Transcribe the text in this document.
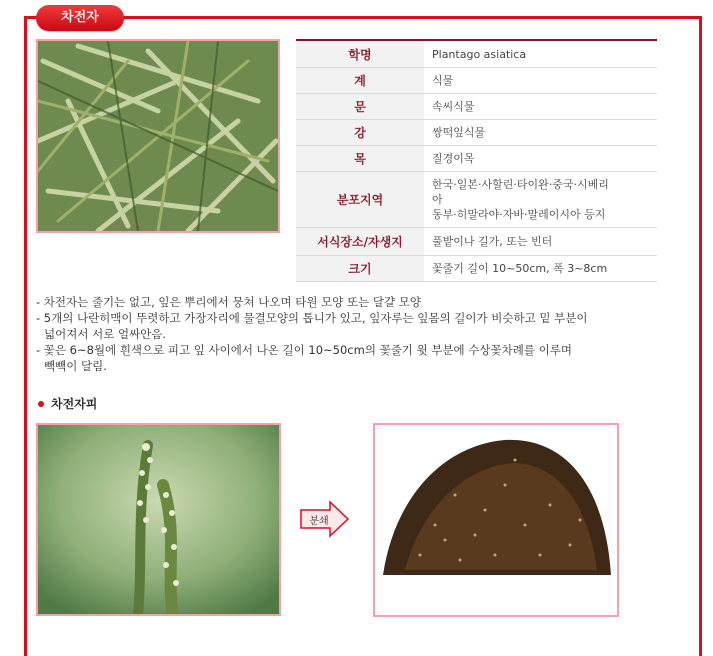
차전자
학명	Plantago asiatica
계	식물
문	속씨식물
강	쌍떡잎식물
목	질경이목
분포지역
한국·일본·사할린·타이완·중국·시베리
아
동부·히말라야·자바·말레이시아 등지
서식장소/자생지	풀밭이나 길가, 또는 빈터
크기	꽃줄기 길이 10~50cm, 폭 3~8cm

- 차전자는 줄기는 없고, 잎은 뿌리에서 뭉쳐 나오며 타원 모양 또는 달걀 모양

- 5개의 나란히맥이 뚜렷하고 가장자리에 물결모양의 톱니가 있고, 잎자루는 잎몸의 길이가 비슷하고 밑 부분이

넓어져서 서로 얼싸안음.

- 꽃은 6~8월에 흰색으로 피고 잎 사이에서 나온 길이 10~50cm의 꽃줄기 윗 부분에 수상꽃차례를 이루며

빽빽이 달림.

차전자피
분쇄
